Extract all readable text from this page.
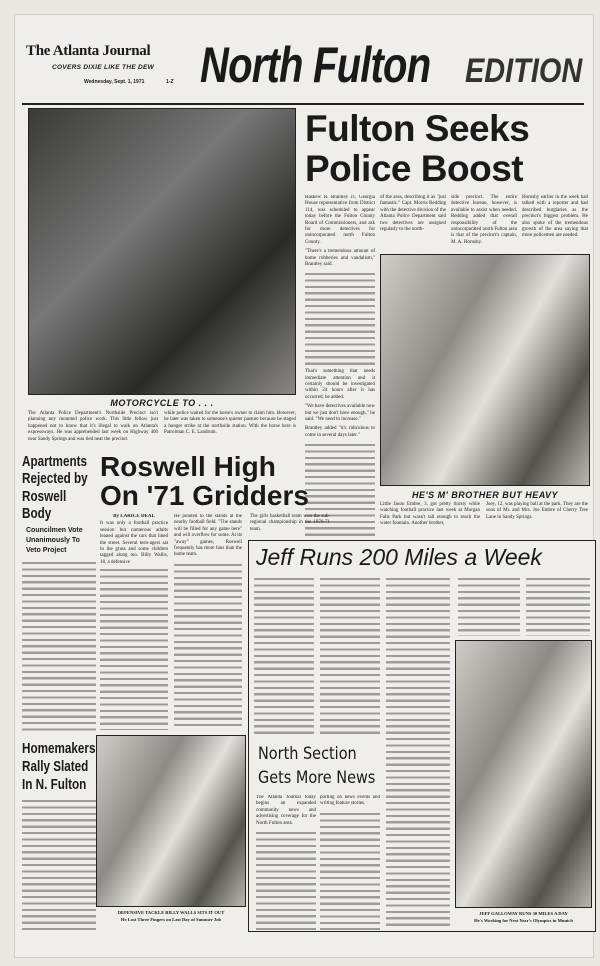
The Atlanta Journal
COVERS DIXIE LIKE THE DEW
Wednesday, Sept. 1, 1971	1-Z North Fulton EDITION
MOTORCYCLE TO . . .
The Atlanta Police Department's Northside Precinct isn't planning any mounted police work. This little fellow just happened not to know that it's illegal to walk on Atlanta's expressways. He was apprehended last week on Highway 400 near Sandy Springs and was tied near the precinct
while police waited for the horse's owner to claim him. However, he later was taken to someone's quieter pasture because he staged a hunger strike at the northside station. With the horse here is Patrolman C. E. Landrum.
Fulton Seeks
Police Boost
Haskew H. Brantley Jr., Georgia House representative from District 114, was scheduled to appear today before the Fulton County Board of Commissioners, and ask for more detectives for unincorporated north Fulton County.
"There's a tremendous amount of home robberies and vandalism," Brantley said.
That's something that needs immediate attention and it certainly should be investigated within 24 hours after it has occurred, he added.
"We have detectives available now but we just don't have enough," he said. "We need to increase."
Brantley added "it's ridiculous to come in several days later."
of the area, describing it as "just fantastic." Capt. Morris Redding with the detective division of the Atlanta Police Department said two detectives are assigned regularly to the north-
side precinct. The entire detective bureau, however, is available to assist when needed. Redding added that overall responsibility of the unincorporated north Fulton area is that of the precinct's captain, M. A. Hornsby.
Hornsby earlier in the week had talked with a reporter and had described burglaries as the precinct's biggest problem. He also spoke of the tremendous growth of the area saying that more policemen are needed.
HE'S M' BROTHER BUT HEAVY
Little Jason Embre, 3, got pretty thirsty while watching football practice last week at Morgan Falls Park but wasn't tall enough to reach the water fountain. Another brother,
Joey, 12, was playing ball at the park. They are the sons of Mr. and Mrs. Joe Embre of Cherry Tree Lane in Sandy Springs.
Apartments Rejected by Roswell Body
Councilmen Vote Unanimously To Veto Project
Homemakers Rally Slated In N. Fulton
Roswell High
On '71 Gridders
By LARICE DEAL
It was only a football practice session but numerous adults leaned against the cars that lined the street. Several teen-agers sat in the grass and some children tagged along too. Billy Wallis, 18, a defensive
He pointed to the stands at the nearby football field. "The stands will be filled for any game here" and will overflow for some. At its "away" games, Roswell frequently has more fans than the home team.
The girls basketball team won the sub-regional championship in the 1970-71 team.
DEFENSIVE TACKLE BILLY WALLS SITS IT OUT
He Lost Three Fingers on Last Day of Summer Job
Jeff Runs 200 Miles a Week
JEFF GALLOWAY RUNS 30 MILES A DAY
He's Working for Next Year's Olympics in Munich
North Section
Gets More News
The Atlanta Journal today begins an expanded community news and advertising coverage for the North Fulton area.
porting on news events and writing feature stories.
